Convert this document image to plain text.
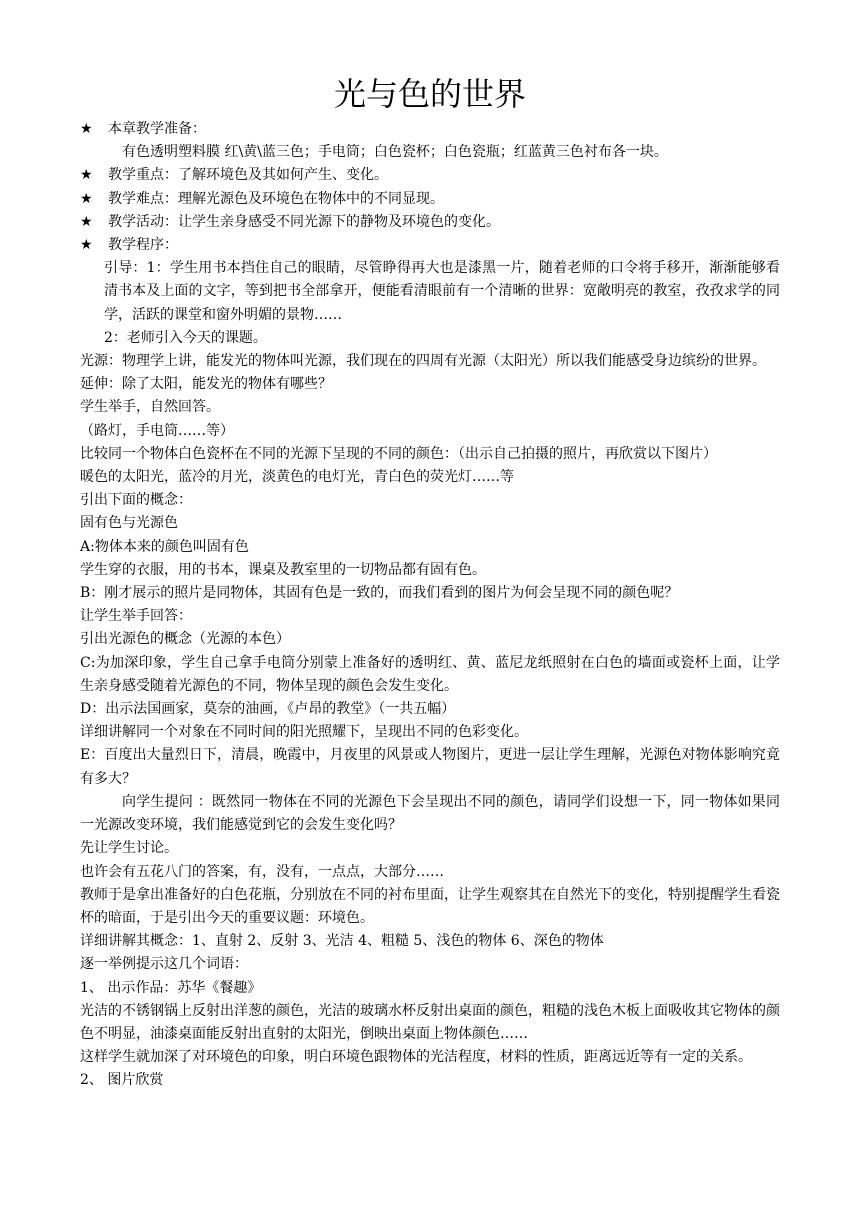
光与色的世界

★ 本章教学准备：

有色透明塑料膜 红\黄\蓝三色；手电筒；白色瓷杯；白色瓷瓶；红蓝黄三色衬布各一块。

★ 教学重点：了解环境色及其如何产生、变化。

★ 教学难点：理解光源色及环境色在物体中的不同显现。

★ 教学活动：让学生亲身感受不同光源下的静物及环境色的变化。

★ 教学程序：

引导：1：学生用书本挡住自己的眼睛，尽管睁得再大也是漆黑一片，随着老师的口令将手移开，渐渐能够看清书本及上面的文字，等到把书全部拿开，便能看清眼前有一个清晰的世界：宽敞明亮的教室，孜孜求学的同学，活跃的课堂和窗外明媚的景物……

2：老师引入今天的课题。

光源：物理学上讲，能发光的物体叫光源，我们现在的四周有光源（太阳光）所以我们能感受身边缤纷的世界。

延伸：除了太阳，能发光的物体有哪些？

学生举手，自然回答。

（路灯，手电筒……等）

比较同一个物体白色瓷杯在不同的光源下呈现的不同的颜色：（出示自己拍摄的照片，再欣赏以下图片）

暖色的太阳光，蓝冷的月光，淡黄色的电灯光，青白色的荧光灯……等

引出下面的概念：

固有色与光源色

A:物体本来的颜色叫固有色

学生穿的衣服，用的书本，课桌及教室里的一切物品都有固有色。

B：刚才展示的照片是同物体，其固有色是一致的，而我们看到的图片为何会呈现不同的颜色呢？

让学生举手回答：

引出光源色的概念（光源的本色）

C:为加深印象，学生自己拿手电筒分别蒙上准备好的透明红、黄、蓝尼龙纸照射在白色的墙面或瓷杯上面，让学生亲身感受随着光源色的不同，物体呈现的颜色会发生变化。

D：出示法国画家，莫奈的油画，《卢昂的教堂》（一共五幅）

详细讲解同一个对象在不同时间的阳光照耀下，呈现出不同的色彩变化。

E：百度出大量烈日下，清晨，晚霞中，月夜里的风景或人物图片，更进一层让学生理解，光源色对物体影响究竟有多大？

向学生提问 ：既然同一物体在不同的光源色下会呈现出不同的颜色，请同学们设想一下，同一物体如果同一光源改变环境，我们能感觉到它的会发生变化吗？

先让学生讨论。

也许会有五花八门的答案，有，没有，一点点，大部分……

教师于是拿出准备好的白色花瓶，分别放在不同的衬布里面，让学生观察其在自然光下的变化，特别提醒学生看瓷杯的暗面，于是引出今天的重要议题：环境色。

详细讲解其概念：1、直射 2、反射 3、光洁 4、粗糙 5、浅色的物体 6、深色的物体

逐一举例提示这几个词语：

1、 出示作品：苏华《餐趣》

光洁的不锈钢锅上反射出洋葱的颜色，光洁的玻璃水杯反射出桌面的颜色，粗糙的浅色木板上面吸收其它物体的颜色不明显，油漆桌面能反射出直射的太阳光，倒映出桌面上物体颜色……

这样学生就加深了对环境色的印象，明白环境色跟物体的光洁程度，材料的性质，距离远近等有一定的关系。

2、 图片欣赏
